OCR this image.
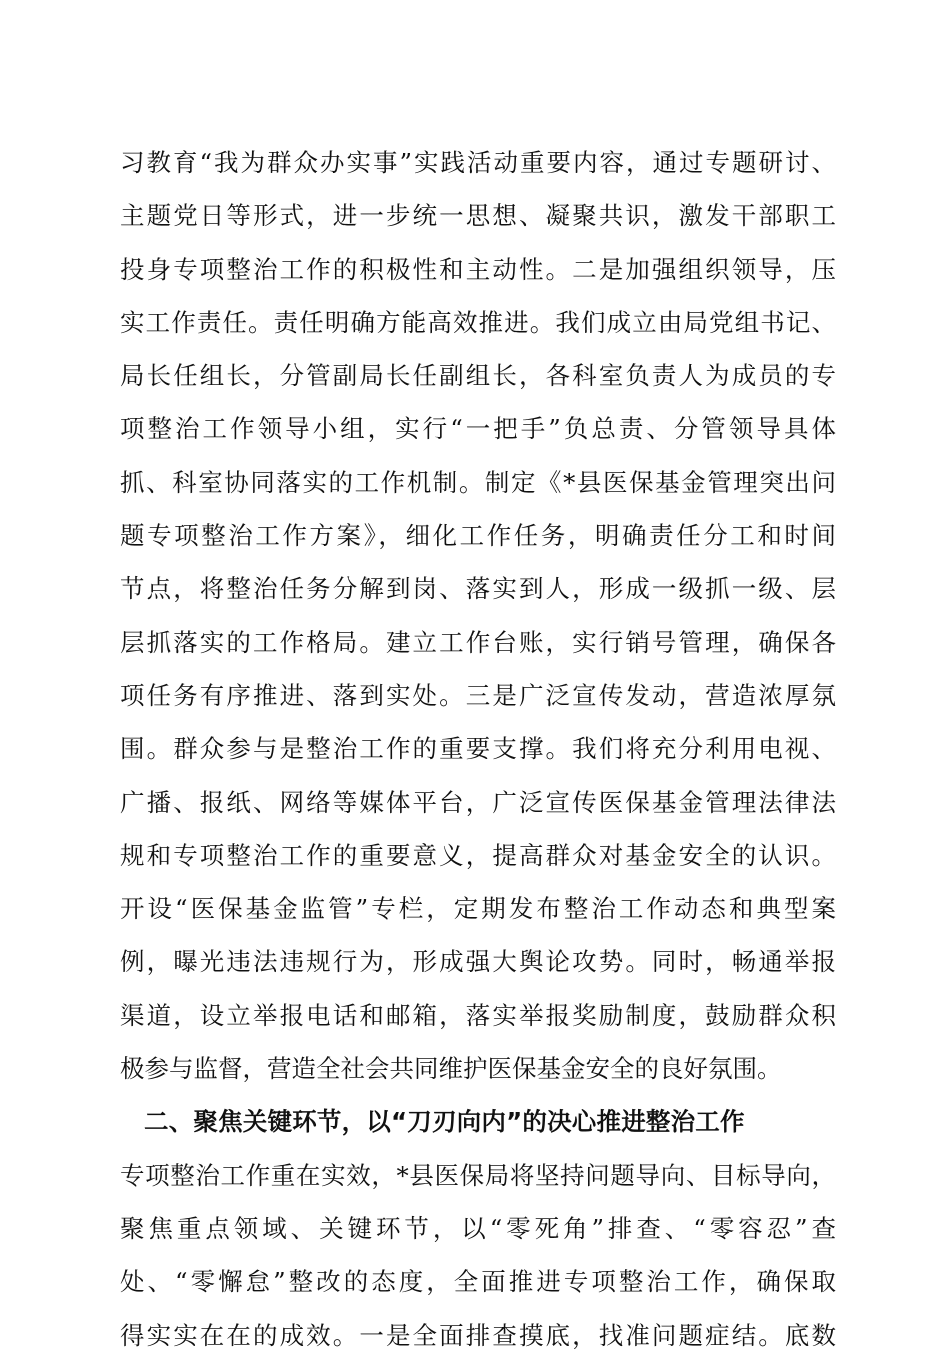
习教育“我为群众办实事”实践活动重要内容，通过专题研讨、
主题党日等形式，进一步统一思想、凝聚共识，激发干部职工
投身专项整治工作的积极性和主动性。二是加强组织领导，压
实工作责任。责任明确方能高效推进。我们成立由局党组书记、
局长任组长，分管副局长任副组长，各科室负责人为成员的专
项整治工作领导小组，实行“一把手”负总责、分管领导具体
抓、科室协同落实的工作机制。制定《*县医保基金管理突出问
题专项整治工作方案》，细化工作任务，明确责任分工和时间
节点，将整治任务分解到岗、落实到人，形成一级抓一级、层
层抓落实的工作格局。建立工作台账，实行销号管理，确保各
项任务有序推进、落到实处。三是广泛宣传发动，营造浓厚氛
围。群众参与是整治工作的重要支撑。我们将充分利用电视、
广播、报纸、网络等媒体平台，广泛宣传医保基金管理法律法
规和专项整治工作的重要意义，提高群众对基金安全的认识。
开设“医保基金监管”专栏，定期发布整治工作动态和典型案
例，曝光违法违规行为，形成强大舆论攻势。同时，畅通举报
渠道，设立举报电话和邮箱，落实举报奖励制度，鼓励群众积
极参与监督，营造全社会共同维护医保基金安全的良好氛围。
二、聚焦关键环节，以“刀刃向内”的决心推进整治工作
专项整治工作重在实效，*县医保局将坚持问题导向、目标导向，
聚焦重点领域、关键环节，以“零死角”排查、“零容忍”查
处、“零懈怠”整改的态度，全面推进专项整治工作，确保取
得实实在在的成效。一是全面排查摸底，找准问题症结。底数
